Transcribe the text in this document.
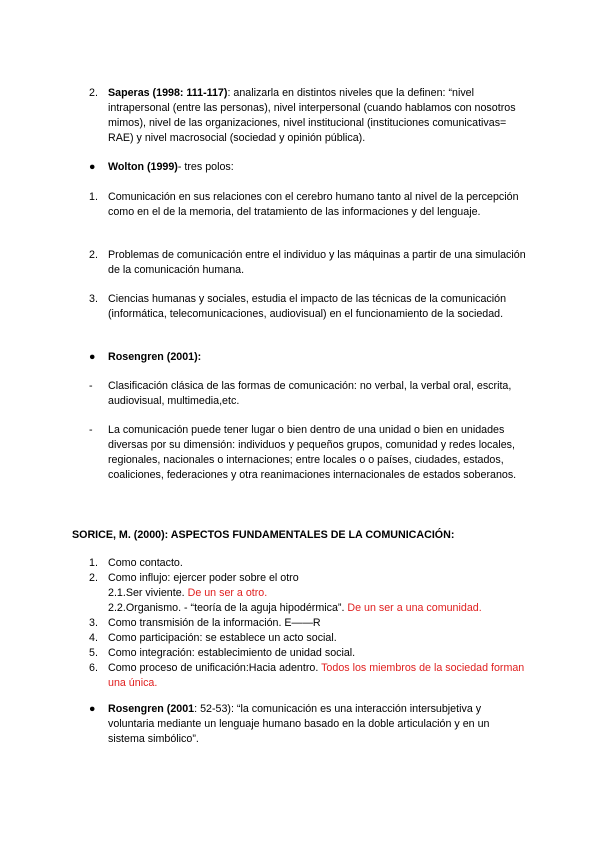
2. Saperas (1998: 111-117): analizarla en distintos niveles que la definen: “nivel intrapersonal (entre las personas), nivel interpersonal (cuando hablamos con nosotros mimos), nivel de las organizaciones, nivel institucional (instituciones comunicativas= RAE) y nivel macrosocial (sociedad y opinión pública).
●	Wolton (1999)- tres polos:
1. Comunicación en sus relaciones con el cerebro humano tanto al nivel de la percepción como en el de la memoria, del tratamiento de las informaciones y del lenguaje.
2. Problemas de comunicación entre el individuo y las máquinas a partir de una simulación de la comunicación humana.
3. Ciencias humanas y sociales, estudia el impacto de las técnicas de la comunicación (informática, telecomunicaciones, audiovisual) en el funcionamiento de la sociedad.
●	Rosengren (2001):
-	Clasificación clásica de las formas de comunicación: no verbal, la verbal oral, escrita, audiovisual, multimedia,etc.
-	La comunicación puede tener lugar o bien dentro de una unidad o bien en unidades diversas por su dimensión: individuos y pequeños grupos, comunidad y redes locales, regionales, nacionales o internaciones; entre locales o o países, ciudades, estados, coaliciones, federaciones y otra reanimaciones internacionales de estados soberanos.
SORICE, M. (2000): ASPECTOS FUNDAMENTALES DE LA COMUNICACIÓN:
1. Como contacto.
2. Como influjo: ejercer poder sobre el otro
2.1.Ser viviente. De un ser a otro.
2.2.Organismo. - “teoría de la aguja hipodérmica”. De un ser a una comunidad.
3. Como transmisión de la información. E——R
4. Como participación: se establece un acto social.
5. Como integración: establecimiento de unidad social.
6. Como proceso de unificación:Hacia adentro. Todos los miembros de la sociedad forman una única.
●	Rosengren (2001: 52-53): “la comunicación es una interacción intersubjetiva y voluntaria mediante un lenguaje humano basado en la doble articulación y en un sistema simbólico”.
